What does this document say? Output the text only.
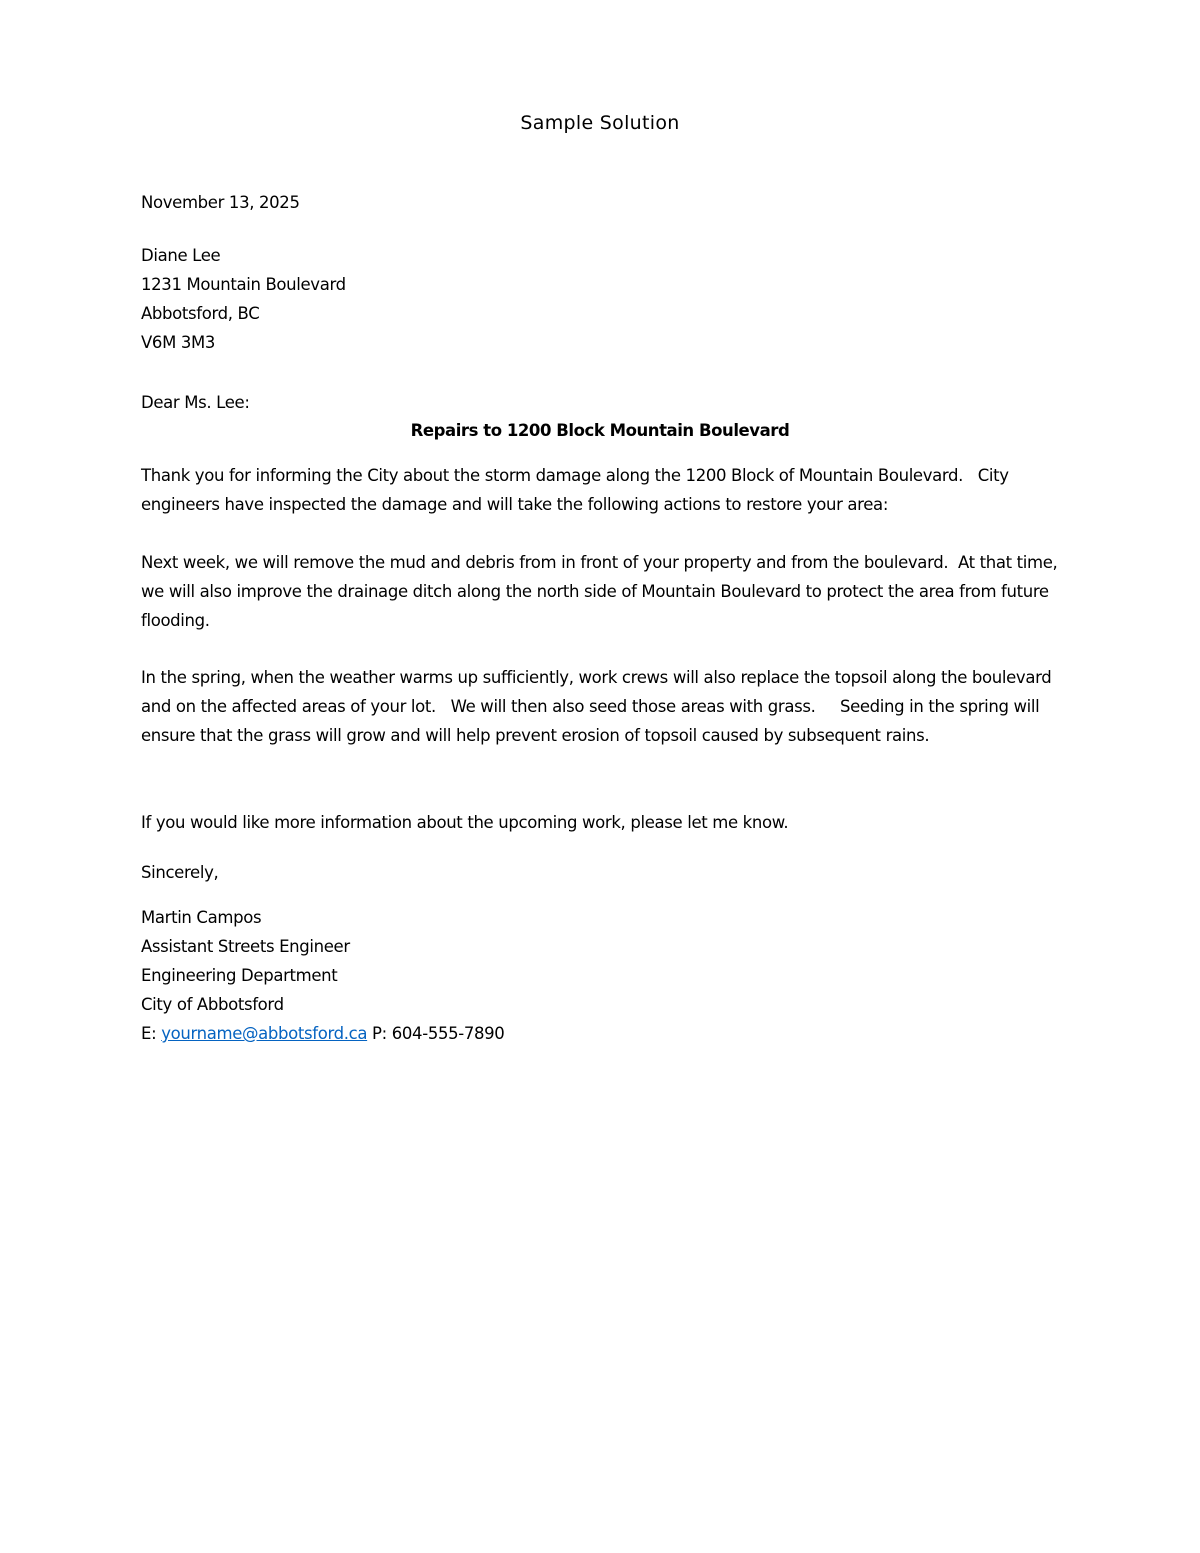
Sample Solution
November 13, 2025
Diane Lee
1231 Mountain Boulevard
Abbotsford, BC
V6M 3M3
Dear Ms. Lee:
Repairs to 1200 Block Mountain Boulevard

Thank you for informing the City about the storm damage along the 1200 Block of Mountain Boulevard.   City engineers have inspected the damage and will take the following actions to restore your area:

Next week, we will remove the mud and debris from in front of your property and from the boulevard.  At that time, we will also improve the drainage ditch along the north side of Mountain Boulevard to protect the area from future flooding.

In the spring, when the weather warms up sufficiently, work crews will also replace the topsoil along the boulevard and on the affected areas of your lot.   We will then also seed those areas with grass.     Seeding in the spring will ensure that the grass will grow and will help prevent erosion of topsoil caused by subsequent rains.

If you would like more information about the upcoming work, please let me know.

Sincerely,
Martin Campos
Assistant Streets Engineer
Engineering Department
City of Abbotsford
E: yourname@abbotsford.ca P: 604-555-7890
